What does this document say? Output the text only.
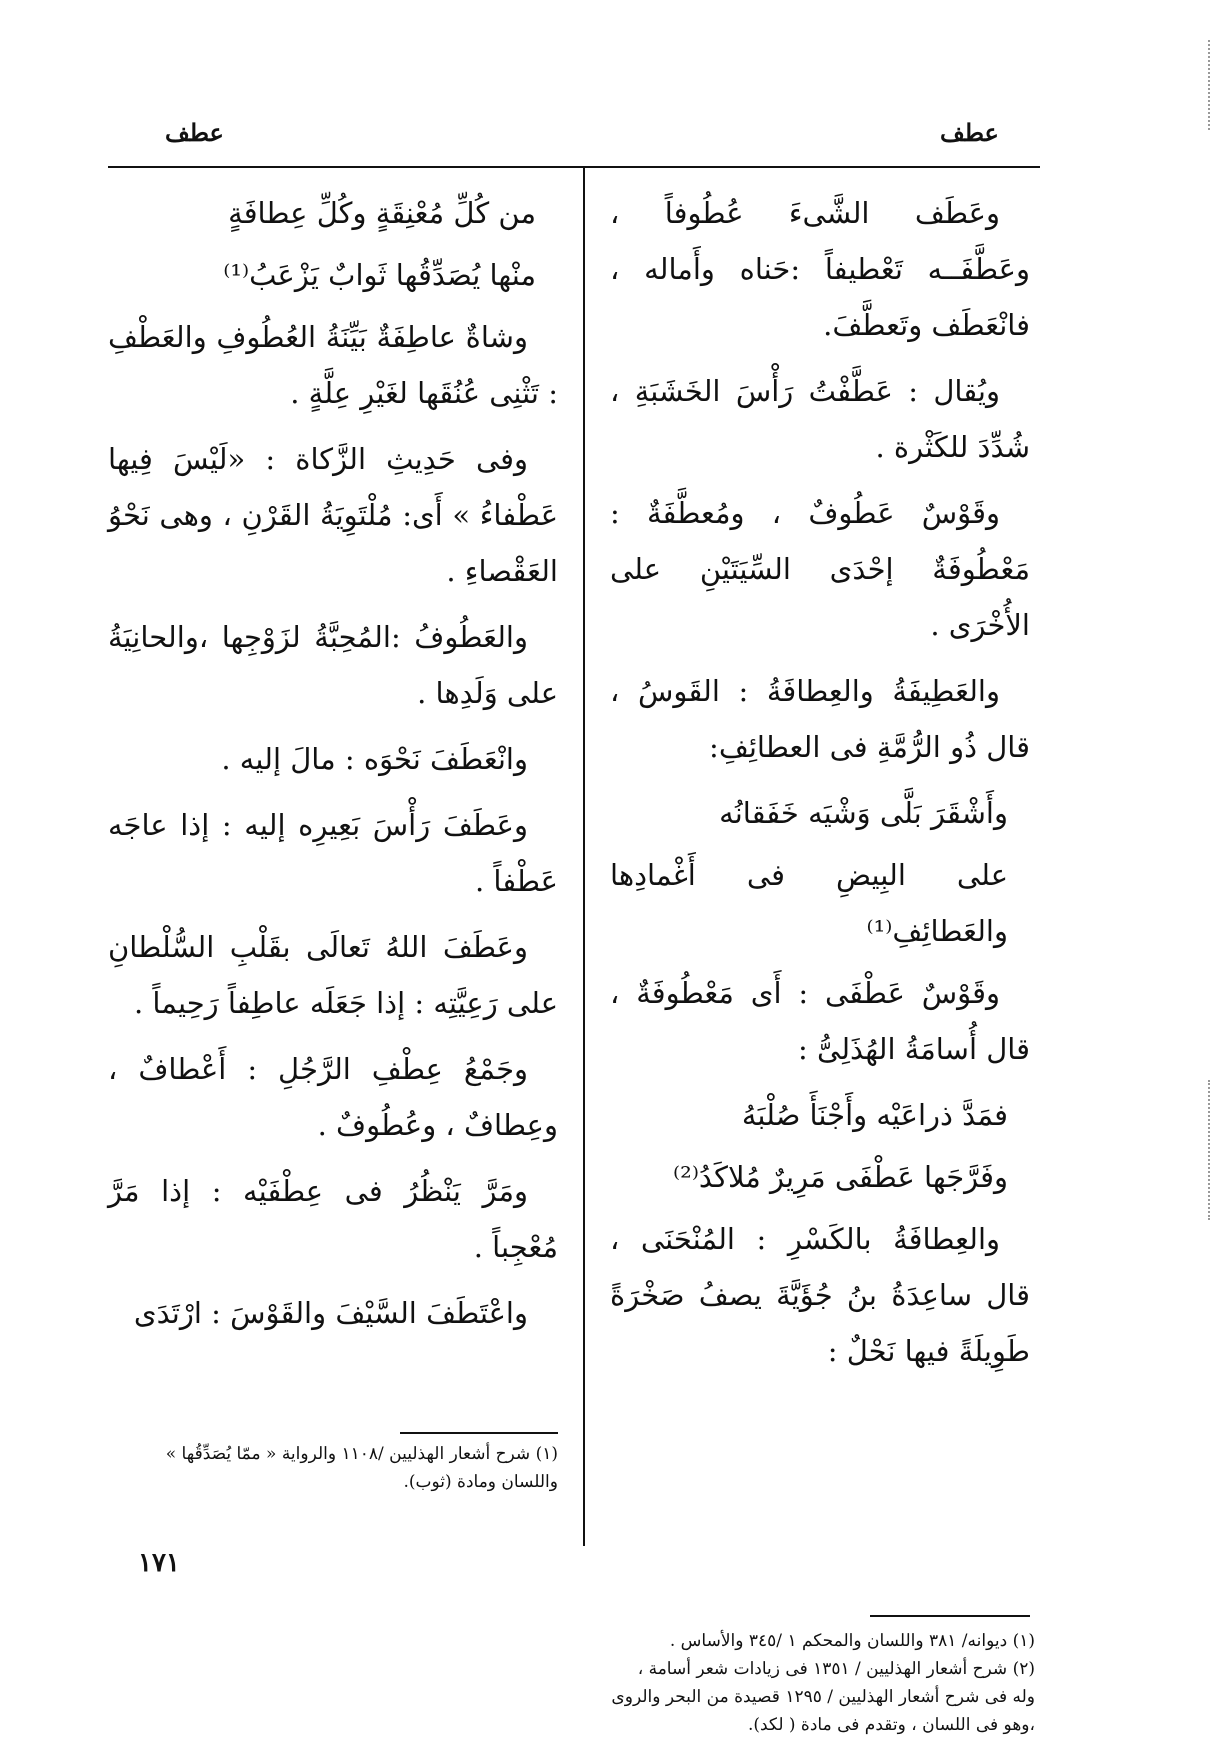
عطف
عطف

وعَطَف الشَّىءَ عُطُوفاً ، وعَطَّفَــه تَعْطيفاً :حَناه وأَماله ، فانْعَطَف وتَعطَّفَ.

ويُقال : عَطَّفْتُ رَأْسَ الخَشَبَةِ ، شُدِّدَ للكَثْرة .

وقَوْسٌ عَطُوفٌ ، ومُعطَّفَةٌ : مَعْطُوفَةٌ إحْدَى السِّيَتَيْنِ على الأُخْرَى .

والعَطِيفَةُ والعِطافَةُ : القَوسُ ، قال ذُو الرُّمَّةِ فى العطائِفِ:

وأَشْقَرَ بَلَّى وَشْيَه خَفَقانُه

على البِيضِ فى أَغْمادِها والعَطائِفِ⁽¹⁾

وقَوْسٌ عَطْفَى : أَى مَعْطُوفَةٌ ، قال أُسامَةُ الهُذَلِىُّ :

فمَدَّ ذراعَيْه وأَجْنَأَ صُلْبَهُ

وفَرَّجَها عَطْفَى مَرِيرٌ مُلاكَدُ⁽²⁾

والعِطافَةُ بالكَسْرِ : المُنْحَنَى ، قال ساعِدَةُ بنُ جُؤَيَّةَ يصفُ صَخْرَةً طَوِيلَةً فيها نَحْلٌ :

من كُلِّ مُعْنِقَةٍ وكُلِّ عِطافَةٍ

منْها يُصَدِّقُها ثَوابٌ يَزْعَبُ⁽¹⁾

وشاةٌ عاطِفَةٌ بَيِّنَةُ العُطُوفِ والعَطْفِ : تَثْنِى عُنُقَها لغَيْرِ عِلَّةٍ .

وفى حَدِيثِ الزَّكاة : «لَيْسَ فِيها عَطْفاءُ » أَى: مُلْتَوِيَةُ القَرْنِ ، وهى نَحْوُ العَقْصاءِ .

والعَطُوفُ :المُحِبَّةُ لزَوْجِها ،والحانِيَةُ على وَلَدِها .

وانْعَطَفَ نَحْوَه : مالَ إليه .

وعَطَفَ رَأْسَ بَعِيرِه إليه : إذا عاجَه عَطْفاً .

وعَطَفَ اللهُ تَعالَى بقَلْبِ السُّلْطانِ على رَعِيَّتِه : إذا جَعَلَه عاطِفاً رَحِيماً .

وجَمْعُ عِطْفِ الرَّجُلِ : أَعْطافٌ ، وعِطافٌ ، وعُطُوفٌ .

ومَرَّ يَنْظُرُ فى عِطْفَيْه : إذا مَرَّ مُعْجِباً .

واعْتَطَفَ السَّيْفَ والقَوْسَ : ارْتَدَى

(١) ديوانه/ ٣٨١ واللسان والمحكم ١ /٣٤٥ والأساس .

(٢) شرح أشعار الهذليين / ١٣٥١ فى زيادات شعر أسامة ، وله فى شرح أشعار الهذليين / ١٢٩٥ قصيدة من البحر والروى ،وهو فى اللسان ، وتقدم فى مادة ( لكد).

(١) شرح أشعار الهذليين /١١٠٨ والرواية « ممّا يُصَدِّقُها » واللسان ومادة (ثوب).

١٧١
